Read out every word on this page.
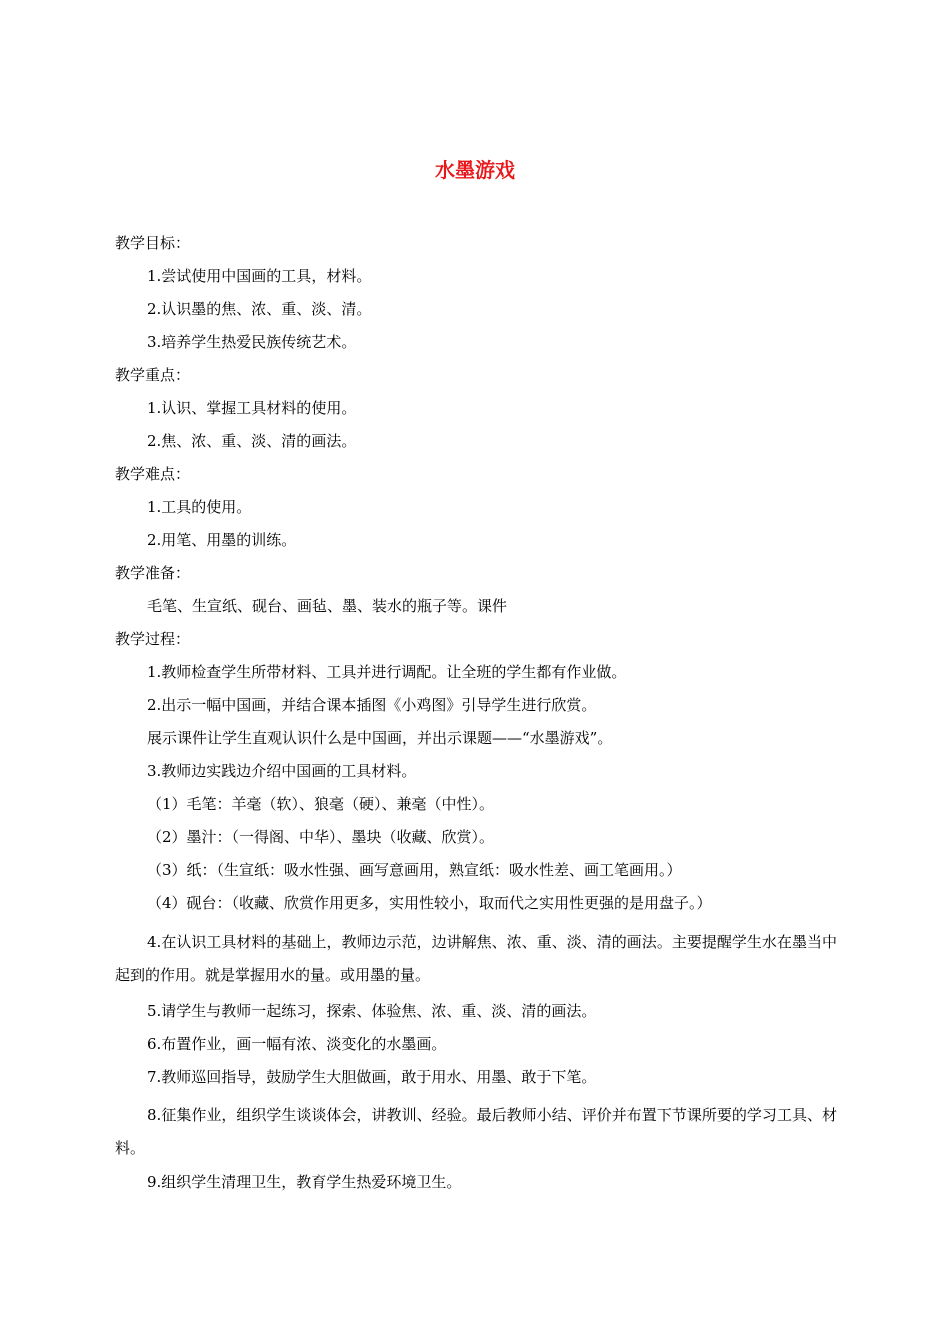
水墨游戏

教学目标：

1.尝试使用中国画的工具，材料。

2.认识墨的焦、浓、重、淡、清。

3.培养学生热爱民族传统艺术。

教学重点：

1.认识、掌握工具材料的使用。

2.焦、浓、重、淡、清的画法。

教学难点：

1.工具的使用。

2.用笔、用墨的训练。

教学准备：

毛笔、生宣纸、砚台、画毡、墨、装水的瓶子等。课件

教学过程：

1.教师检查学生所带材料、工具并进行调配。让全班的学生都有作业做。

2.出示一幅中国画，并结合课本插图《小鸡图》引导学生进行欣赏。

展示课件让学生直观认识什么是中国画，并出示课题——“水墨游戏”。

3.教师边实践边介绍中国画的工具材料。

（1）毛笔：羊毫（软）、狼毫（硬）、兼毫（中性）。

（2）墨汁：（一得阁、中华）、墨块（收藏、欣赏）。

（3）纸：（生宣纸：吸水性强、画写意画用，熟宣纸：吸水性差、画工笔画用。）

（4）砚台：（收藏、欣赏作用更多，实用性较小，取而代之实用性更强的是用盘子。）

4.在认识工具材料的基础上，教师边示范，边讲解焦、浓、重、淡、清的画法。主要提醒学生水在墨当中起到的作用。就是掌握用水的量。或用墨的量。

5.请学生与教师一起练习，探索、体验焦、浓、重、淡、清的画法。

6.布置作业，画一幅有浓、淡变化的水墨画。

7.教师巡回指导，鼓励学生大胆做画，敢于用水、用墨、敢于下笔。

8.征集作业，组织学生谈谈体会，讲教训、经验。最后教师小结、评价并布置下节课所要的学习工具、材料。

9.组织学生清理卫生，教育学生热爱环境卫生。
